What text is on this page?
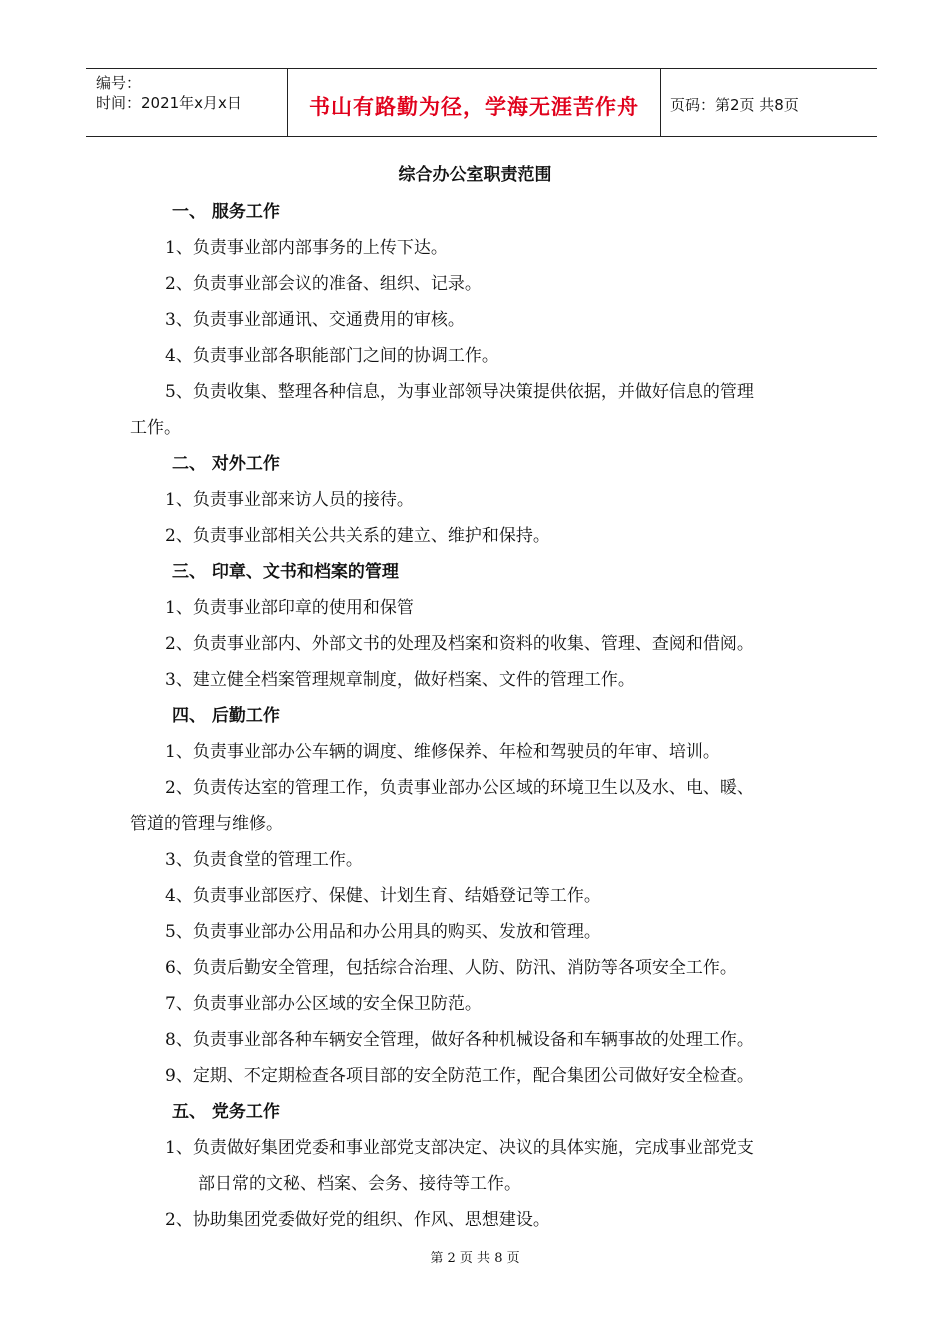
编号：
时间：2021年x月x日	书山有路勤为径，学海无涯苦作舟	页码：第2页 共8页
综合办公室职责范围
一、 服务工作
1、负责事业部内部事务的上传下达。
2、负责事业部会议的准备、组织、记录。
3、负责事业部通讯、交通费用的审核。
4、负责事业部各职能部门之间的协调工作。
5、负责收集、整理各种信息，为事业部领导决策提供依据，并做好信息的管理
工作。
二、 对外工作
1、负责事业部来访人员的接待。
2、负责事业部相关公共关系的建立、维护和保持。
三、 印章、文书和档案的管理
1、负责事业部印章的使用和保管
2、负责事业部内、外部文书的处理及档案和资料的收集、管理、查阅和借阅。
3、建立健全档案管理规章制度，做好档案、文件的管理工作。
四、 后勤工作
1、负责事业部办公车辆的调度、维修保养、年检和驾驶员的年审、培训。
2、负责传达室的管理工作，负责事业部办公区域的环境卫生以及水、电、暖、
管道的管理与维修。
3、负责食堂的管理工作。
4、负责事业部医疗、保健、计划生育、结婚登记等工作。
5、负责事业部办公用品和办公用具的购买、发放和管理。
6、负责后勤安全管理，包括综合治理、人防、防汛、消防等各项安全工作。
7、负责事业部办公区域的安全保卫防范。
8、负责事业部各种车辆安全管理，做好各种机械设备和车辆事故的处理工作。
9、定期、不定期检查各项目部的安全防范工作，配合集团公司做好安全检查。
五、 党务工作
1、负责做好集团党委和事业部党支部决定、决议的具体实施，完成事业部党支
部日常的文秘、档案、会务、接待等工作。
2、协助集团党委做好党的组织、作风、思想建设。
第 2 页 共 8 页
